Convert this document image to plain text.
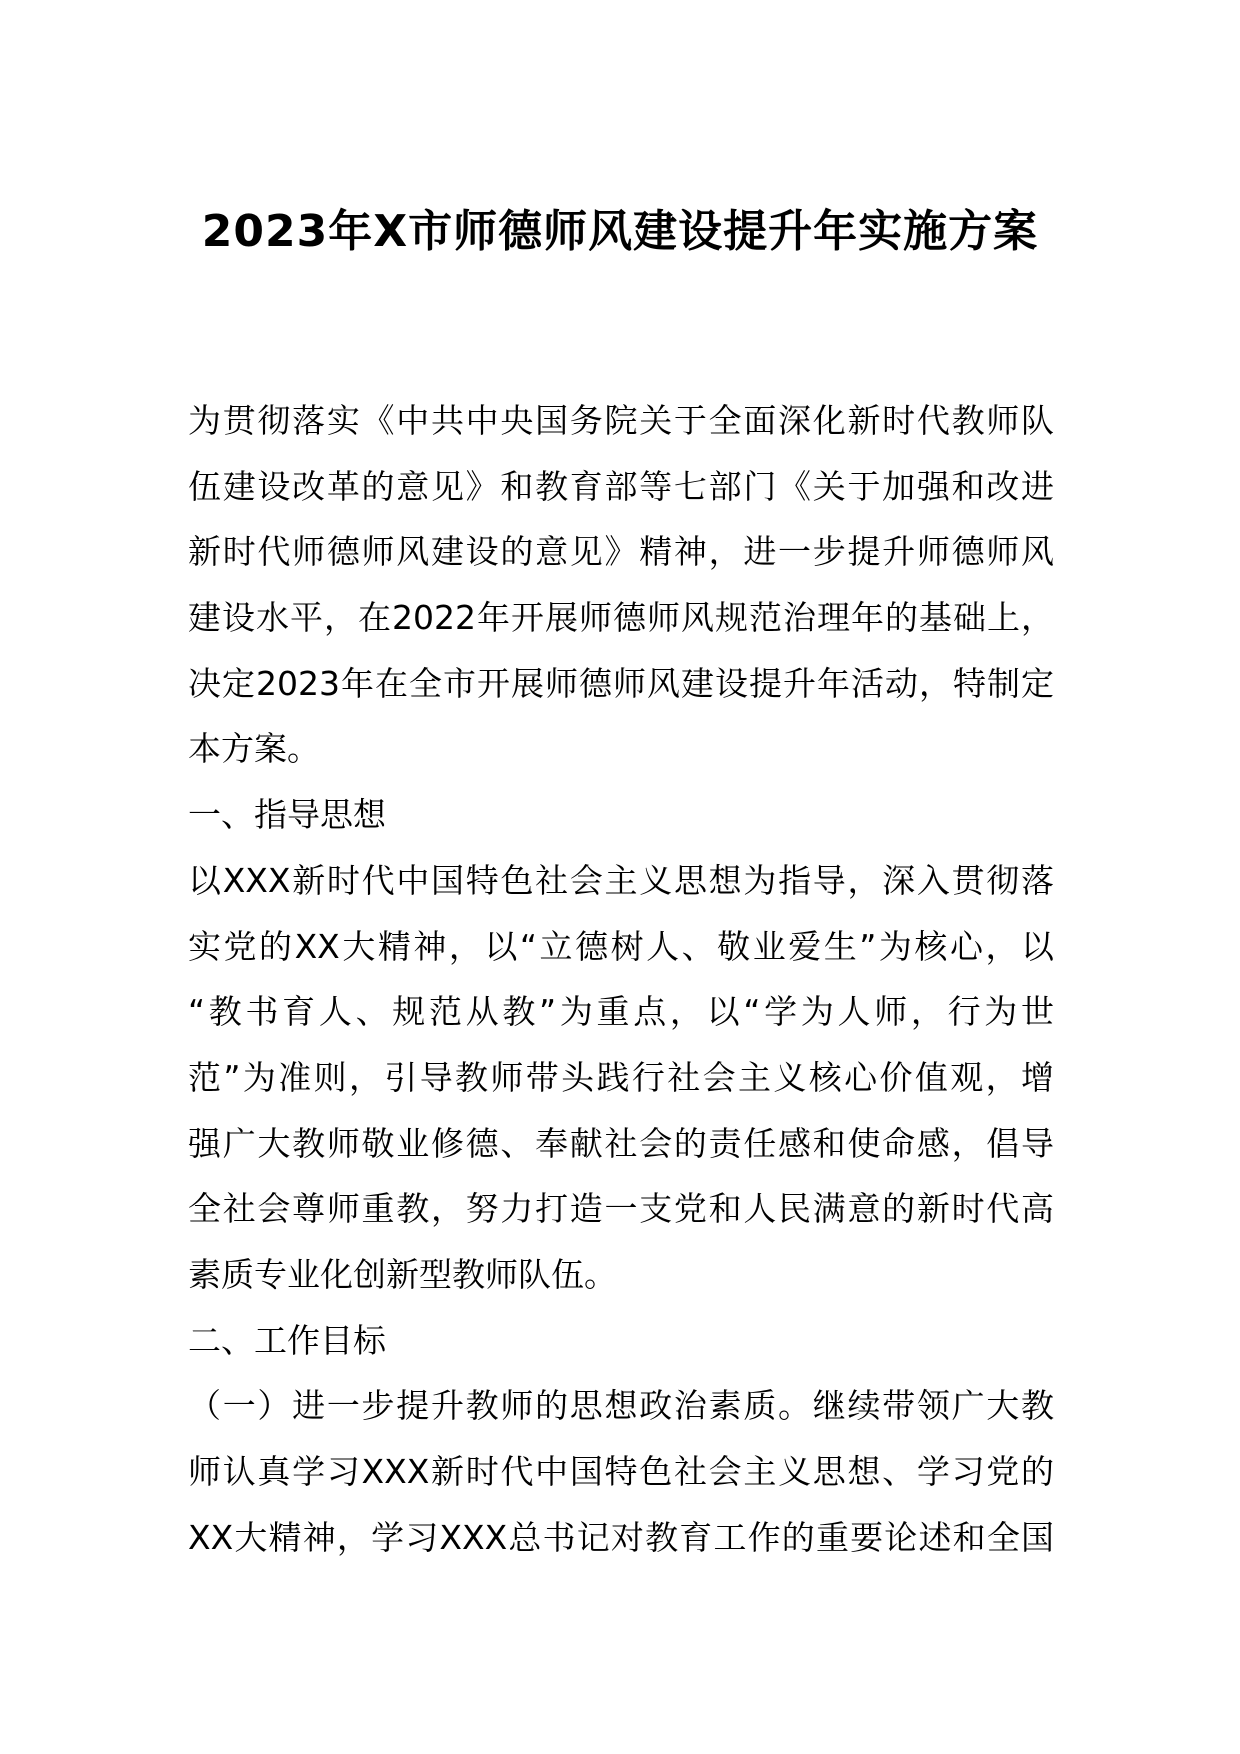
2023年X市师德师风建设提升年实施方案
为贯彻落实《中共中央国务院关于全面深化新时代教师队
伍建设改革的意见》和教育部等七部门《关于加强和改进
新时代师德师风建设的意见》精神，进一步提升师德师风
建设水平，在2022年开展师德师风规范治理年的基础上，
决定2023年在全市开展师德师风建设提升年活动，特制定
本方案。
一、指导思想
以XXX新时代中国特色社会主义思想为指导，深入贯彻落
实党的XX大精神，以“立德树人、敬业爱生”为核心，以
“教书育人、规范从教”为重点，以“学为人师，行为世
范”为准则，引导教师带头践行社会主义核心价值观，增
强广大教师敬业修德、奉献社会的责任感和使命感，倡导
全社会尊师重教，努力打造一支党和人民满意的新时代高
素质专业化创新型教师队伍。
二、工作目标
（一）进一步提升教师的思想政治素质。继续带领广大教
师认真学习XXX新时代中国特色社会主义思想、学习党的
XX大精神，学习XXX总书记对教育工作的重要论述和全国
